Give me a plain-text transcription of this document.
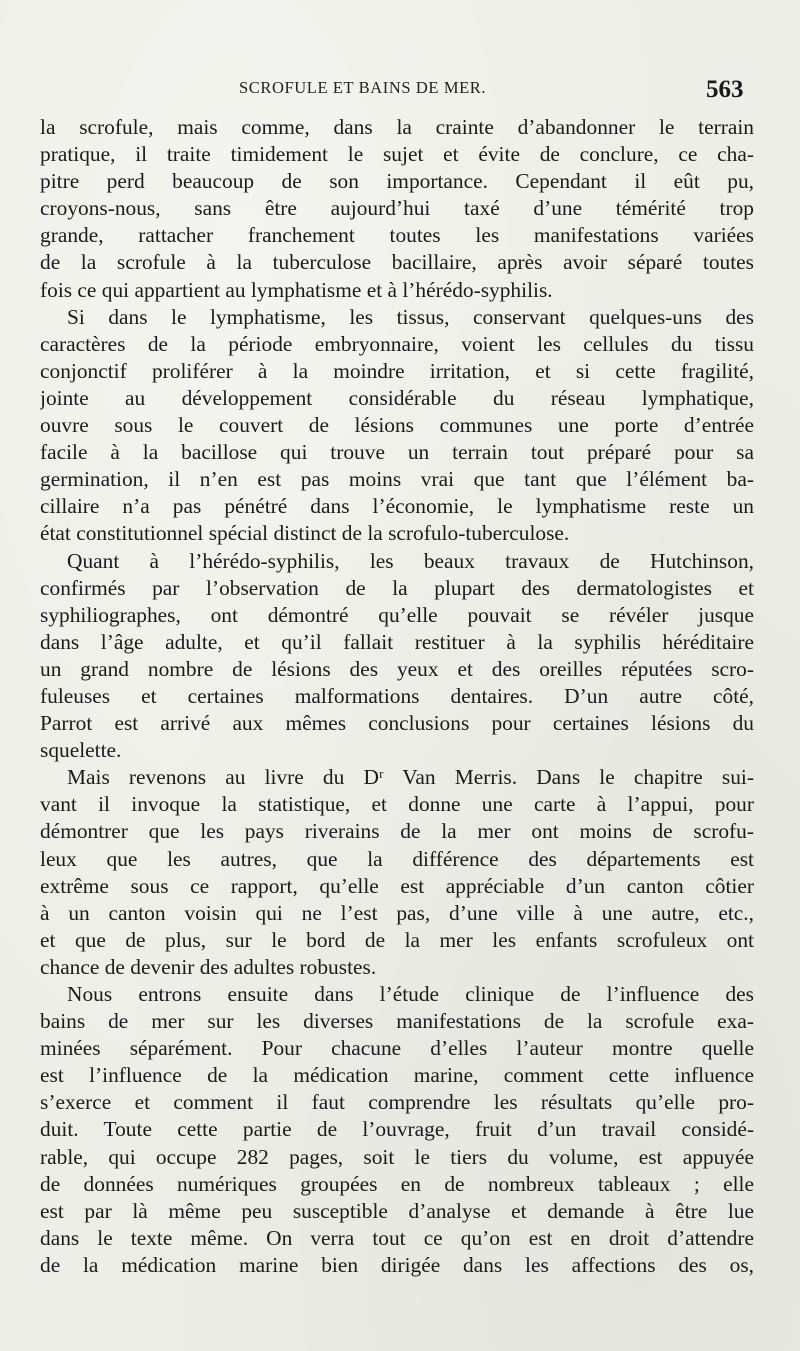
SCROFULE ET BAINS DE MER.	563

la scrofule, mais comme, dans la crainte d’abandonner le terrain
pratique, il traite timidement le sujet et évite de conclure, ce cha-
pitre perd beaucoup de son importance. Cependant il eût pu,
croyons-nous, sans être aujourd’hui taxé d’une témérité trop
grande, rattacher franchement toutes les manifestations variées
de la scrofule à la tuberculose bacillaire, après avoir séparé toutes
fois ce qui appartient au lymphatisme et à l’hérédo-syphilis.

Si dans le lymphatisme, les tissus, conservant quelques-uns des
caractères de la période embryonnaire, voient les cellules du tissu
conjonctif proliférer à la moindre irritation, et si cette fragilité,
jointe au développement considérable du réseau lymphatique,
ouvre sous le couvert de lésions communes une porte d’entrée
facile à la bacillose qui trouve un terrain tout préparé pour sa
germination, il n’en est pas moins vrai que tant que l’élément ba-
cillaire n’a pas pénétré dans l’économie, le lymphatisme reste un
état constitutionnel spécial distinct de la scrofulo-tuberculose.

Quant à l’hérédo-syphilis, les beaux travaux de Hutchinson,
confirmés par l’observation de la plupart des dermatologistes et
syphiliographes, ont démontré qu’elle pouvait se révéler jusque
dans l’âge adulte, et qu’il fallait restituer à la syphilis héréditaire
un grand nombre de lésions des yeux et des oreilles réputées scro-
fuleuses et certaines malformations dentaires. D’un autre côté,
Parrot est arrivé aux mêmes conclusions pour certaines lésions du
squelette.

Mais revenons au livre du Dʳ Van Merris. Dans le chapitre sui-
vant il invoque la statistique, et donne une carte à l’appui, pour
démontrer que les pays riverains de la mer ont moins de scrofu-
leux que les autres, que la différence des départements est
extrême sous ce rapport, qu’elle est appréciable d’un canton côtier
à un canton voisin qui ne l’est pas, d’une ville à une autre, etc.,
et que de plus, sur le bord de la mer les enfants scrofuleux ont
chance de devenir des adultes robustes.

Nous entrons ensuite dans l’étude clinique de l’influence des
bains de mer sur les diverses manifestations de la scrofule exa-
minées séparément. Pour chacune d’elles l’auteur montre quelle
est l’influence de la médication marine, comment cette influence
s’exerce et comment il faut comprendre les résultats qu’elle pro-
duit. Toute cette partie de l’ouvrage, fruit d’un travail considé-
rable, qui occupe 282 pages, soit le tiers du volume, est appuyée
de données numériques groupées en de nombreux tableaux ; elle
est par là même peu susceptible d’analyse et demande à être lue
dans le texte même. On verra tout ce qu’on est en droit d’attendre
de la médication marine bien dirigée dans les affections des os,
